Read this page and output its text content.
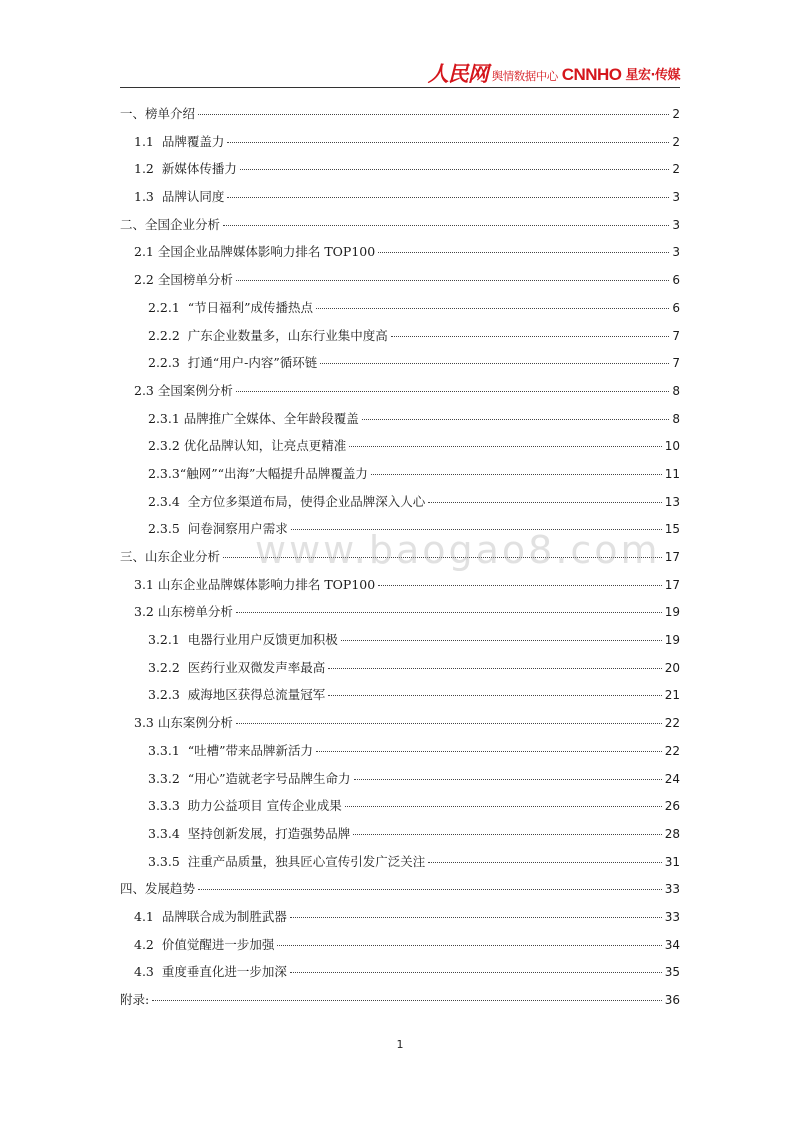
人民网 舆情数据中心 CNNHO 星宏·传媒
一、榜单介绍	2
1.1  品牌覆盖力	2
1.2  新媒体传播力	2
1.3  品牌认同度	3
二、全国企业分析	3
2.1 全国企业品牌媒体影响力排名 TOP100	3
2.2 全国榜单分析	6
2.2.1  “节日福利”成传播热点	6
2.2.2  广东企业数量多，山东行业集中度高	7
2.2.3  打通“用户-内容”循环链	7
2.3 全国案例分析	8
2.3.1 品牌推广全媒体、全年龄段覆盖	8
2.3.2 优化品牌认知，让亮点更精准	10
2.3.3“触网”“出海”大幅提升品牌覆盖力	11
2.3.4  全方位多渠道布局，使得企业品牌深入人心	13
2.3.5  问卷洞察用户需求	15
三、山东企业分析	17
3.1 山东企业品牌媒体影响力排名 TOP100	17
3.2 山东榜单分析	19
3.2.1  电器行业用户反馈更加积极	19
3.2.2  医药行业双微发声率最高	20
3.2.3  威海地区获得总流量冠军	21
3.3 山东案例分析	22
3.3.1  “吐槽”带来品牌新活力	22
3.3.2  “用心”造就老字号品牌生命力	24
3.3.3  助力公益项目 宣传企业成果	26
3.3.4  坚持创新发展，打造强势品牌	28
3.3.5  注重产品质量，独具匠心宣传引发广泛关注	31
四、发展趋势	33
4.1  品牌联合成为制胜武器	33
4.2  价值觉醒进一步加强	34
4.3  重度垂直化进一步加深	35
附录:	36
www.baogao8.com
1
